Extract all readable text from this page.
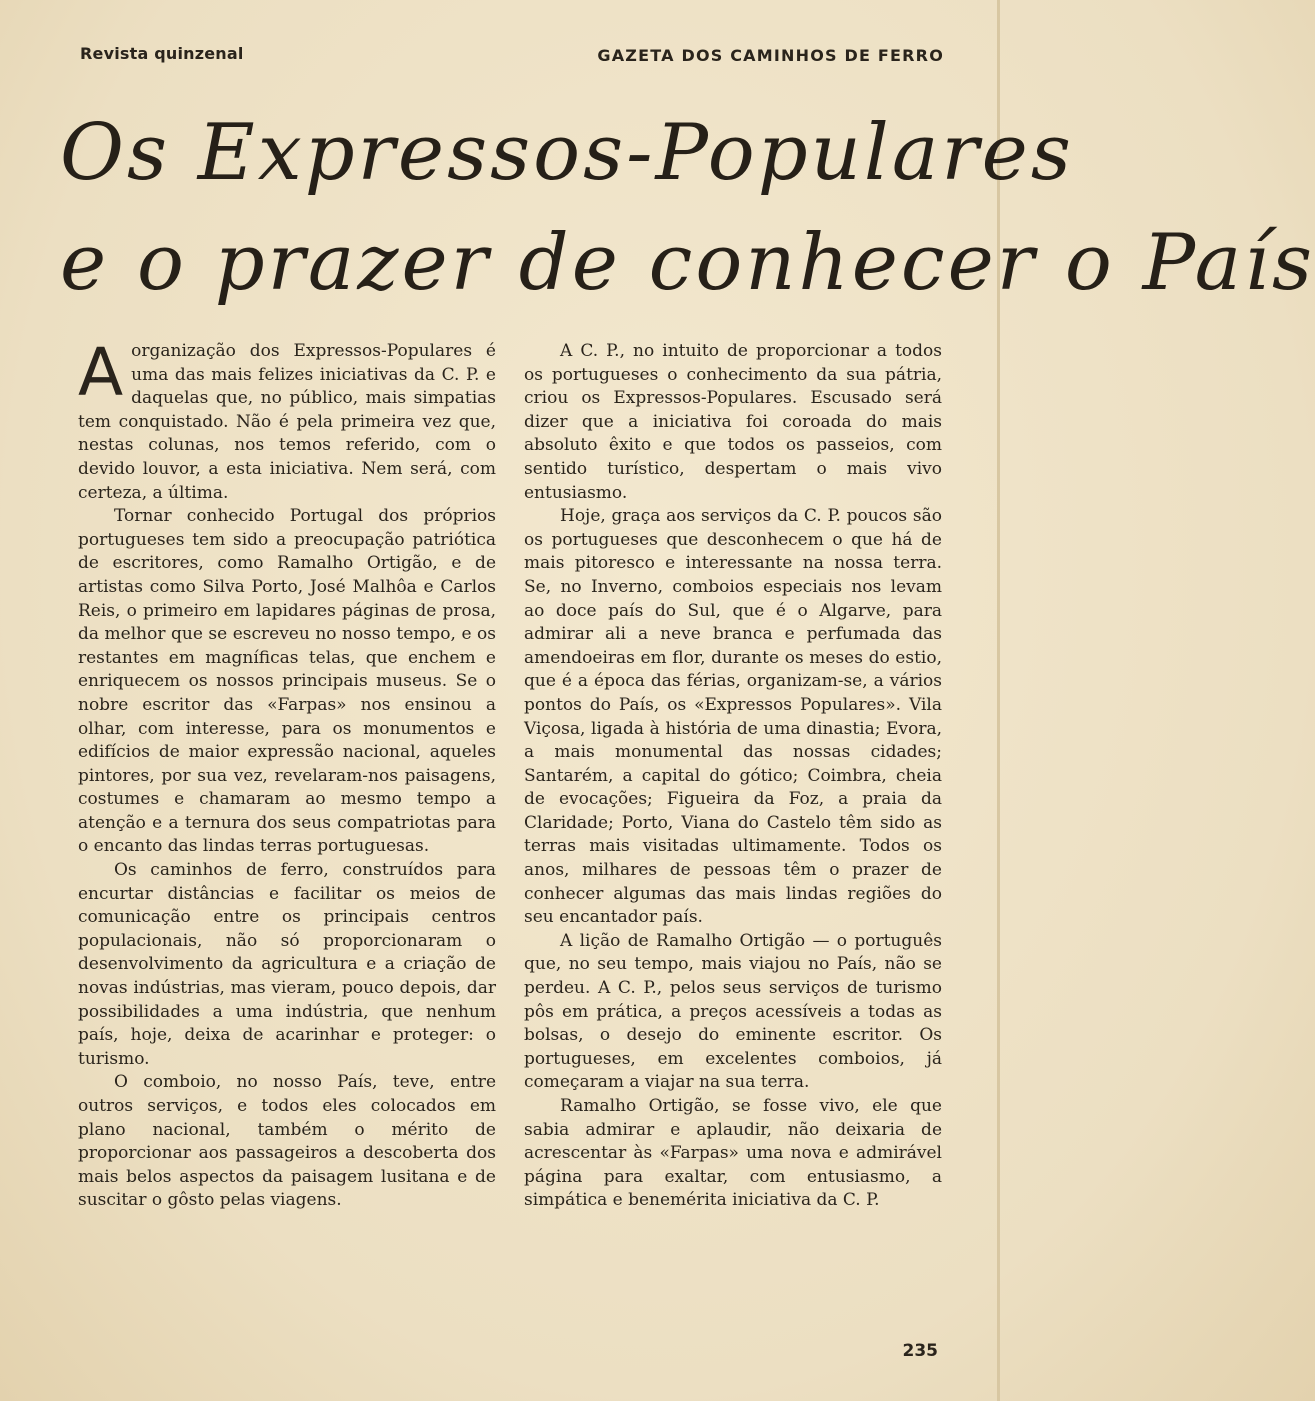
Revista quinzenal	GAZETA DOS CAMINHOS DE FERRO
Os Expressos-Populares
e o prazer de conhecer o País

A organização dos Expressos-Populares é uma das mais felizes iniciativas da C. P. e daquelas que, no público, mais simpatias tem conquistado. Não é pela primeira vez que, nestas colunas, nos temos referido, com o devido louvor, a esta iniciativa. Nem será, com certeza, a última.

Tornar conhecido Portugal dos próprios portugueses tem sido a preocupação patriótica de escritores, como Ramalho Ortigão, e de artistas como Silva Porto, José Malhôa e Carlos Reis, o primeiro em lapidares páginas de prosa, da melhor que se escreveu no nosso tempo, e os restantes em magníficas telas, que enchem e enriquecem os nossos principais museus. Se o nobre escritor das «Farpas» nos ensinou a olhar, com interesse, para os monumentos e edifícios de maior expressão nacional, aqueles pintores, por sua vez, revelaram-nos paisagens, costumes e chamaram ao mesmo tempo a atenção e a ternura dos seus compatriotas para o encanto das lindas terras portuguesas.

Os caminhos de ferro, construídos para encurtar distâncias e facilitar os meios de comunicação entre os principais centros populacionais, não só proporcionaram o desenvolvimento da agricultura e a criação de novas indústrias, mas vieram, pouco depois, dar possibilidades a uma indústria, que nenhum país, hoje, deixa de acarinhar e proteger: o turismo.

O comboio, no nosso País, teve, entre outros serviços, e todos eles colocados em plano nacional, também o mérito de proporcionar aos passageiros a descoberta dos mais belos aspectos da paisagem lusitana e de suscitar o gôsto pelas viagens.

A C. P., no intuito de proporcionar a todos os portugueses o conhecimento da sua pátria, criou os Expressos-Populares. Escusado será dizer que a iniciativa foi coroada do mais absoluto êxito e que todos os passeios, com sentido turístico, despertam o mais vivo entusiasmo.

Hoje, graça aos serviços da C. P. poucos são os portugueses que desconhecem o que há de mais pitoresco e interessante na nossa terra. Se, no Inverno, comboios especiais nos levam ao doce país do Sul, que é o Algarve, para admirar ali a neve branca e perfumada das amendoeiras em flor, durante os meses do estio, que é a época das férias, organizam-se, a vários pontos do País, os «Expressos Populares». Vila Viçosa, ligada à história de uma dinastia; Evora, a mais monumental das nossas cidades; Santarém, a capital do gótico; Coimbra, cheia de evocações; Figueira da Foz, a praia da Claridade; Porto, Viana do Castelo têm sido as terras mais visitadas ultimamente. Todos os anos, milhares de pessoas têm o prazer de conhecer algumas das mais lindas regiões do seu encantador país.

A lição de Ramalho Ortigão — o português que, no seu tempo, mais viajou no País, não se perdeu. A C. P., pelos seus serviços de turismo pôs em prática, a preços acessíveis a todas as bolsas, o desejo do eminente escritor. Os portugueses, em excelentes comboios, já começaram a viajar na sua terra.

Ramalho Ortigão, se fosse vivo, ele que sabia admirar e aplaudir, não deixaria de acrescentar às «Farpas» uma nova e admirável página para exaltar, com entusiasmo, a simpática e benemérita iniciativa da C. P.

235
